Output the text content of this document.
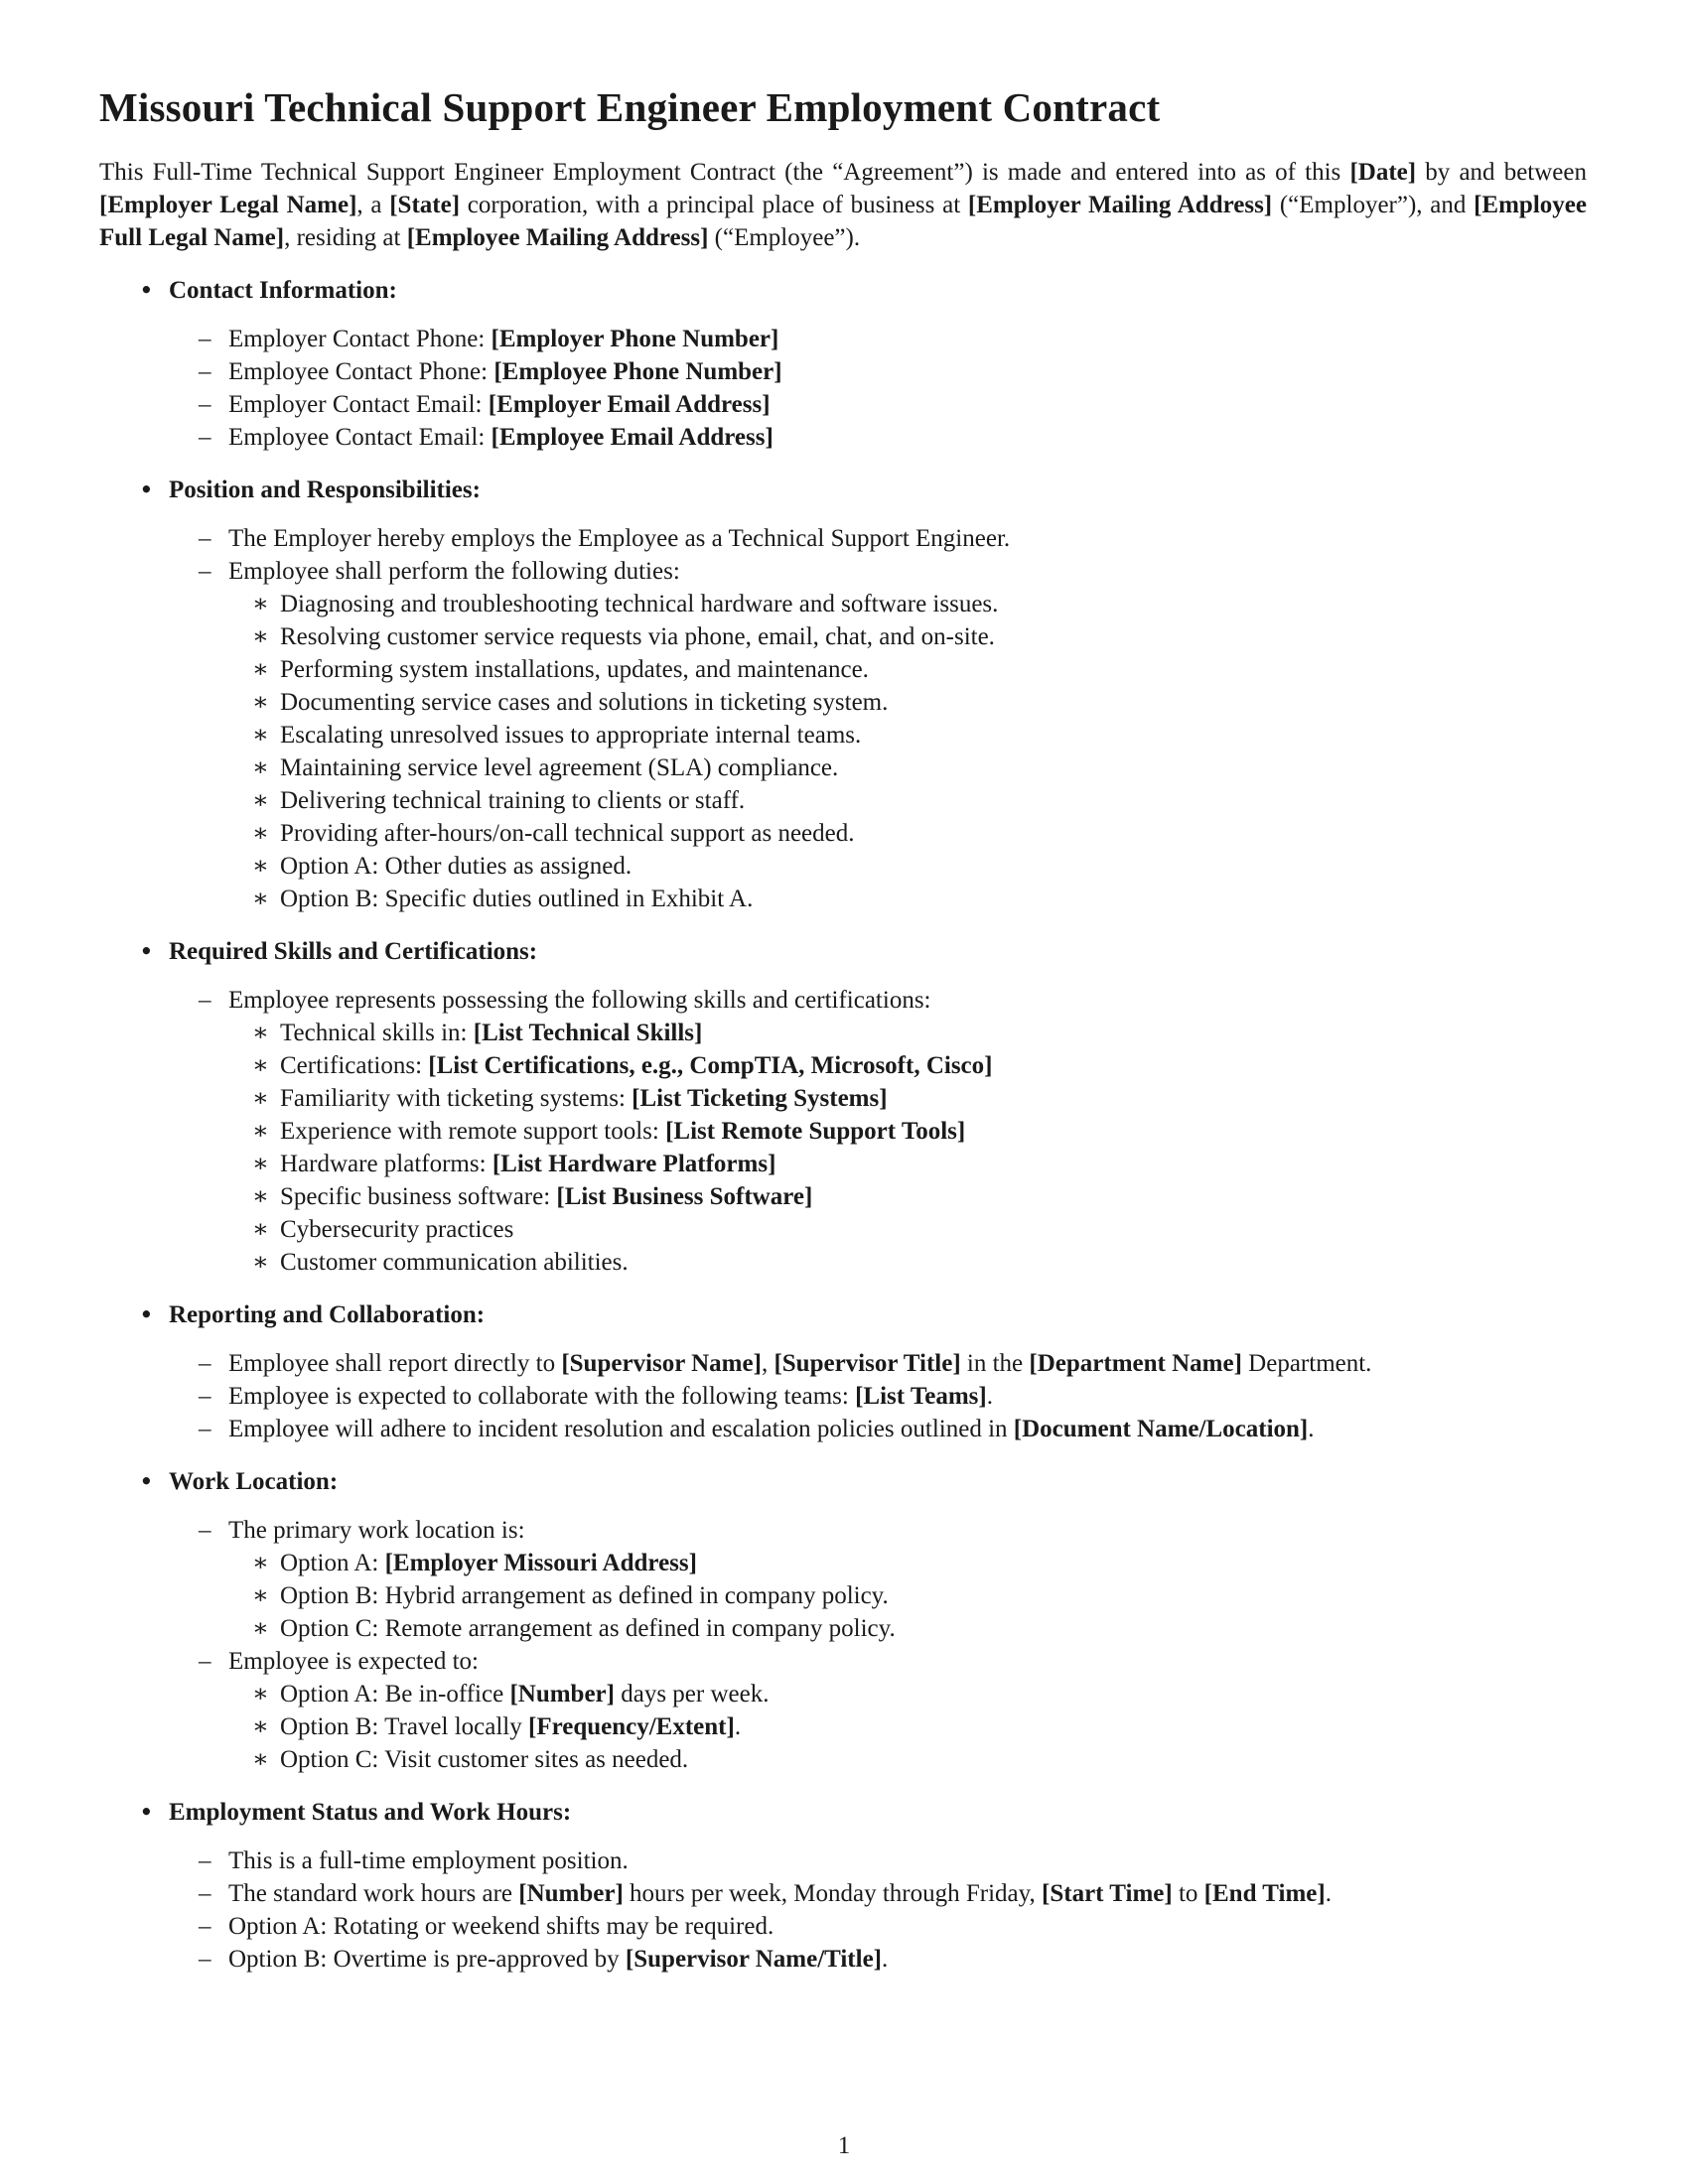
Missouri Technical Support Engineer Employment Contract

This Full-Time Technical Support Engineer Employment Contract (the “Agreement”) is made and entered into as of this [Date] by and between [Employer Legal Name], a [State] corporation, with a principal place of business at [Employer Mailing Address] (“Employer”), and [Employee Full Legal Name], residing at [Employee Mailing Address] (“Employee”).

• Contact Information:
– Employer Contact Phone: [Employer Phone Number]
– Employee Contact Phone: [Employee Phone Number]
– Employer Contact Email: [Employer Email Address]
– Employee Contact Email: [Employee Email Address]
• Position and Responsibilities:
– The Employer hereby employs the Employee as a Technical Support Engineer.
– Employee shall perform the following duties:
∗ Diagnosing and troubleshooting technical hardware and software issues.
∗ Resolving customer service requests via phone, email, chat, and on-site.
∗ Performing system installations, updates, and maintenance.
∗ Documenting service cases and solutions in ticketing system.
∗ Escalating unresolved issues to appropriate internal teams.
∗ Maintaining service level agreement (SLA) compliance.
∗ Delivering technical training to clients or staff.
∗ Providing after-hours/on-call technical support as needed.
∗ Option A: Other duties as assigned.
∗ Option B: Specific duties outlined in Exhibit A.
• Required Skills and Certifications:
– Employee represents possessing the following skills and certifications:
∗ Technical skills in: [List Technical Skills]
∗ Certifications: [List Certifications, e.g., CompTIA, Microsoft, Cisco]
∗ Familiarity with ticketing systems: [List Ticketing Systems]
∗ Experience with remote support tools: [List Remote Support Tools]
∗ Hardware platforms: [List Hardware Platforms]
∗ Specific business software: [List Business Software]
∗ Cybersecurity practices
∗ Customer communication abilities.
• Reporting and Collaboration:
– Employee shall report directly to [Supervisor Name], [Supervisor Title] in the [Department Name] Department.
– Employee is expected to collaborate with the following teams: [List Teams].
– Employee will adhere to incident resolution and escalation policies outlined in [Document Name/Location].
• Work Location:
– The primary work location is:
∗ Option A: [Employer Missouri Address]
∗ Option B: Hybrid arrangement as defined in company policy.
∗ Option C: Remote arrangement as defined in company policy.
– Employee is expected to:
∗ Option A: Be in-office [Number] days per week.
∗ Option B: Travel locally [Frequency/Extent].
∗ Option C: Visit customer sites as needed.
• Employment Status and Work Hours:
– This is a full-time employment position.
– The standard work hours are [Number] hours per week, Monday through Friday, [Start Time] to [End Time].
– Option A: Rotating or weekend shifts may be required.
– Option B: Overtime is pre-approved by [Supervisor Name/Title].
1
